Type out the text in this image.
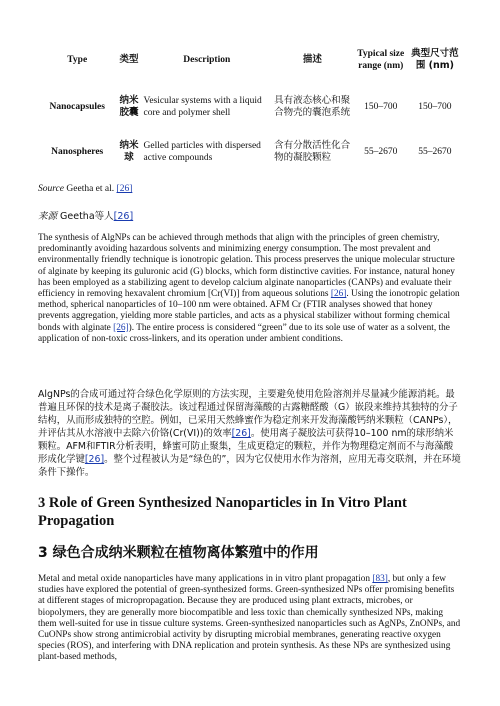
Type	类型	Description	描述	Typical size range (nm)	典型尺寸范围 (nm)
Nanocapsules	纳米胶囊	Vesicular systems with a liquid core and polymer shell	具有液态核心和聚合物壳的囊泡系统	150–700	150–700
Nanospheres	纳米球	Gelled particles with dispersed active compounds	含有分散活性化合物的凝胶颗粒	55–2670	55–2670
Source Geetha et al. [26]
来源 Geetha等人[26]
The synthesis of AlgNPs can be achieved through methods that align with the principles of green chemistry, predominantly avoiding hazardous solvents and minimizing energy consumption. The most prevalent and environmentally friendly technique is ionotropic gelation. This process preserves the unique molecular structure of alginate by keeping its guluronic acid (G) blocks, which form distinctive cavities. For instance, natural honey has been employed as a stabilizing agent to develop calcium alginate nanoparticles (CANPs) and evaluate their efficiency in removing hexavalent chromium [Cr(VI)] from aqueous solutions [26]. Using the ionotropic gelation method, spherical nanoparticles of 10–100 nm were obtained. AFM Cr (FTIR analyses showed that honey prevents aggregation, yielding more stable particles, and acts as a physical stabilizer without forming chemical bonds with alginate [26]). The entire process is considered “green” due to its sole use of water as a solvent, the application of non-toxic cross-linkers, and its operation under ambient conditions.
AlgNPs的合成可通过符合绿色化学原则的方法实现，主要避免使用危险溶剂并尽量减少能源消耗。最普遍且环保的技术是离子凝胶法。该过程通过保留海藻酸的古露糖醛酸（G）嵌段来维持其独特的分子结构，从而形成独特的空腔。例如，已采用天然蜂蜜作为稳定剂来开发海藻酸钙纳米颗粒（CANPs），并评估其从水溶液中去除六价铬(Cr(VI))的效率[26]。使用离子凝胶法可获得10–100 nm的球形纳米颗粒。AFM和FTIR分析表明，蜂蜜可防止聚集，生成更稳定的颗粒，并作为物理稳定剂而不与海藻酸形成化学键[26]。整个过程被认为是“绿色的”，因为它仅使用水作为溶剂，应用无毒交联剂，并在环境条件下操作。
3 Role of Green Synthesized Nanoparticles in In Vitro Plant Propagation
3 绿色合成纳米颗粒在植物离体繁殖中的作用
Metal and metal oxide nanoparticles have many applications in in vitro plant propagation [83], but only a few studies have explored the potential of green-synthesized forms. Green-synthesized NPs offer promising benefits at different stages of micropropagation. Because they are produced using plant extracts, microbes, or biopolymers, they are generally more biocompatible and less toxic than chemically synthesized NPs, making them well-suited for use in tissue culture systems. Green-synthesized nanoparticles such as AgNPs, ZnONPs, and CuONPs show strong antimicrobial activity by disrupting microbial membranes, generating reactive oxygen species (ROS), and interfering with DNA replication and protein synthesis. As these NPs are synthesized using plant-based methods,
